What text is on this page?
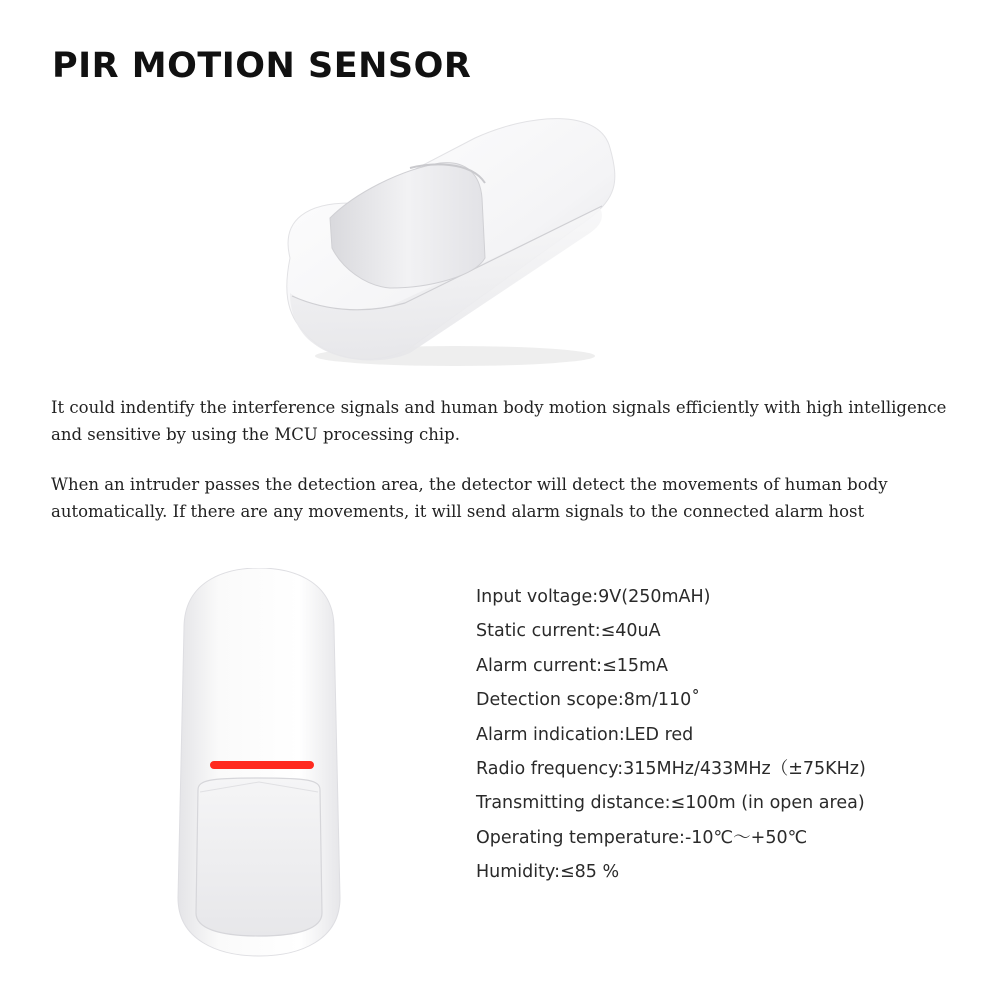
PIR MOTION SENSOR
It could indentify the interference signals and human body motion signals efficiently with high intelligence and sensitive by using the MCU processing chip.
When an intruder passes the detection area, the detector will detect the movements of human body automatically. If there are any movements, it will send alarm signals to the connected alarm host
Input voltage:9V(250mAH)
Static current:≤40uA
Alarm current:≤15mA
Detection scope:8m/110˚
Alarm indication:LED red
Radio frequency:315MHz/433MHz（±75KHz)
Transmitting distance:≤100m (in open area)
Operating temperature:-10℃～+50℃
Humidity:≤85 %
